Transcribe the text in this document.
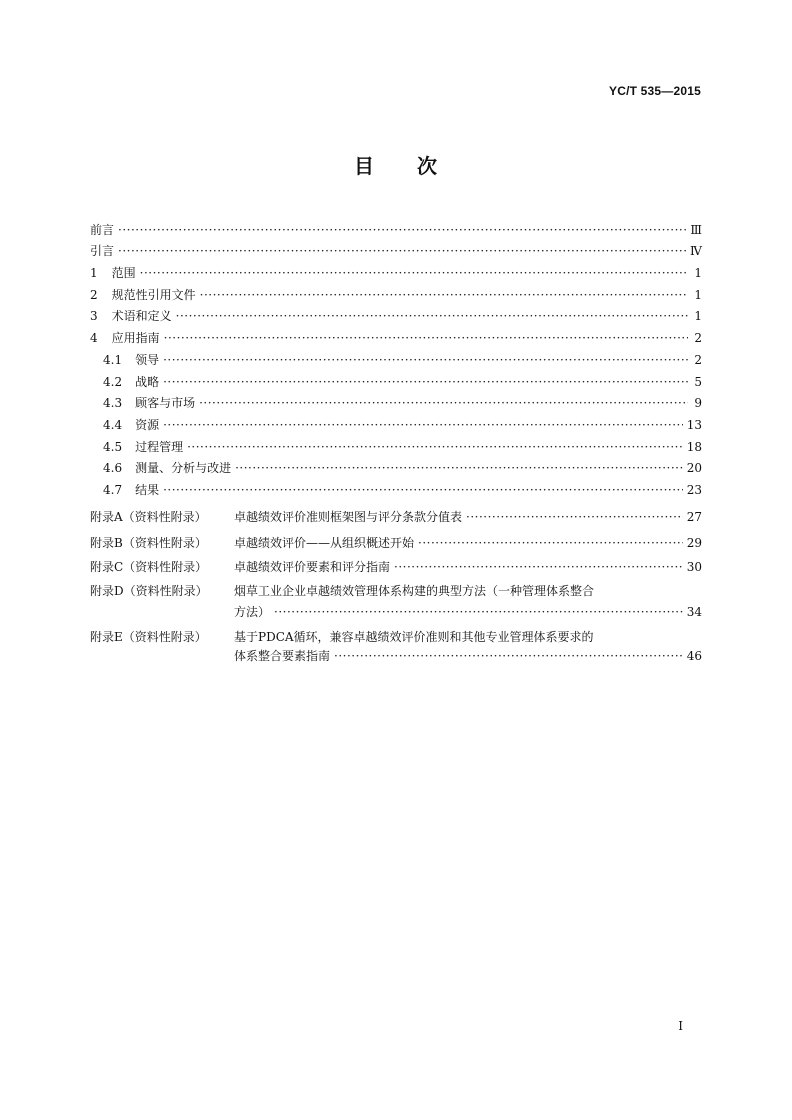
YC/T 535—2015
目　　次
前言 ·····	Ⅲ
引言 ·····	Ⅳ
1 范围 ·····	1
2 规范性引用文件 ·····	1
3 术语和定义 ·····	1
4 应用指南 ·····	2
4.1 领导 ·····	2
4.2 战略 ·····	5
4.3 顾客与市场 ·····	9
4.4 资源 ·····	13
4.5 过程管理 ·····	18
4.6 测量、分析与改进 ·····	20
4.7 结果 ·····	23
附录A（资料性附录）	卓越绩效评价准则框架图与评分条款分值表 ·····	27
附录B（资料性附录）	卓越绩效评价——从组织概述开始 ·····	29
附录C（资料性附录）	卓越绩效评价要素和评分指南 ·····	30
附录D（资料性附录）	烟草工业企业卓越绩效管理体系构建的典型方法（一种管理体系整合
方法） ·····	34
附录E（资料性附录）	基于PDCA循环，兼容卓越绩效评价准则和其他专业管理体系要求的
体系整合要素指南 ·····	46
I
